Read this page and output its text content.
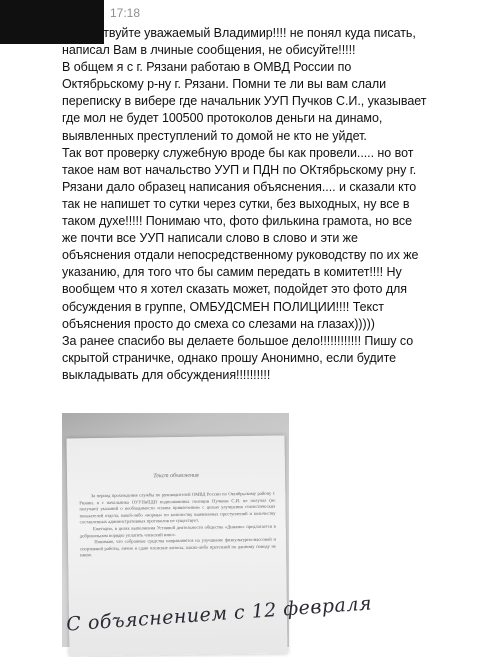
17:18
Здравствуйте уважаемый Владимир!!!! не понял куда писать,
написал Вам в лчиные сообщения, не обисуйте!!!!!
В общем я с г. Рязани работаю в ОМВД России по
Октябрьскому р-ну г. Рязани. Помни те ли вы вам слали
переписку в вибере где начальник УУП Пучков С.И., указывает
где мол не будет 100500 протоколов деньги на динамо,
выявленных преступлений то домой не кто не уйдет.
Так вот проверку служебную вроде бы как провели..... но вот
такое нам вот начальство УУП и ПДН по ОКтябрьскому рну г.
Рязани дало образец написания объяснения.... и сказали кто
так не напишет то сутки через сутки, без выходных, ну все в
таком духе!!!!! Понимаю что, фото филькина грамота, но все
же почти все УУП написали слово в слово и эти же
объяснения отдали непосредственному руководству по их же
указанию, для того что бы самим передать в комитет!!!! Ну
вообщем что я хотел сказать может, подойдет это фото для
обсуждения в группе, ОМБУДСМЕН ПОЛИЦИИ!!!! Текст
объяснения просто до смеха со слезами на глазах)))))
За ранее спасибо вы делаете большое дело!!!!!!!!!!!! Пишу со
скрытой страничке, однако прошу Анонимно, если будите
выкладывать для обсуждения!!!!!!!!!!
Текст объяснения
За период прохождения службы по руководителей ОМВД России по Октябрьскому району г. Рязани, я с начальника ОУУПиПДН подполковника полиции Пучкова С.И. не получал (не получаю) указаний о необходимости «плана привлечения» с целью улучшения статистических показателей отдела, какой-либо «нормы» по количеству выявленных преступлений и количеству составленных административных протоколов не существует.
Ежегодно, в целях выполнения Уставной деятельности общества «Динамо» предлагается в добровольном порядке уплатить членский взнос.
Понимаю, что собранные средства направляются на улучшение физкультурно-массовой и спортивной работы, лично я сдаю членские взносы, каких-либо претензий по данному поводу не имею.
С объяснением с 12 февраля
